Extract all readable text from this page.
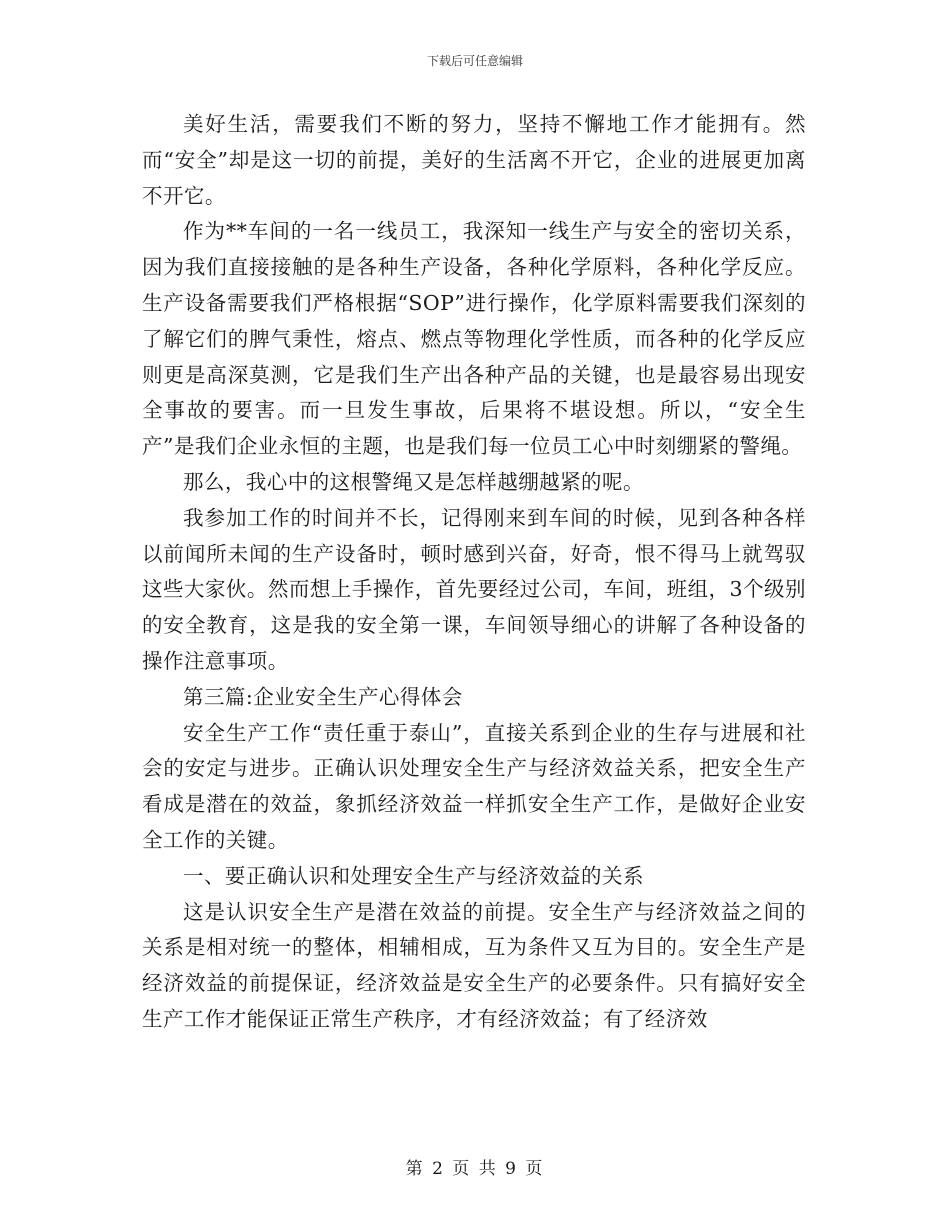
下载后可任意编辑

美好生活，需要我们不断的努力，坚持不懈地工作才能拥有。然而“安全”却是这一切的前提，美好的生活离不开它，企业的进展更加离不开它。

作为**车间的一名一线员工，我深知一线生产与安全的密切关系，因为我们直接接触的是各种生产设备，各种化学原料，各种化学反应。生产设备需要我们严格根据“SOP”进行操作，化学原料需要我们深刻的了解它们的脾气秉性，熔点、燃点等物理化学性质，而各种的化学反应则更是高深莫测，它是我们生产出各种产品的关键，也是最容易出现安全事故的要害。而一旦发生事故，后果将不堪设想。所以，“安全生产”是我们企业永恒的主题，也是我们每一位员工心中时刻绷紧的警绳。

那么，我心中的这根警绳又是怎样越绷越紧的呢。

我参加工作的时间并不长，记得刚来到车间的时候，见到各种各样以前闻所未闻的生产设备时，顿时感到兴奋，好奇，恨不得马上就驾驭这些大家伙。然而想上手操作，首先要经过公司，车间，班组，3个级别的安全教育，这是我的安全第一课，车间领导细心的讲解了各种设备的操作注意事项。

第三篇:企业安全生产心得体会

安全生产工作“责任重于泰山”，直接关系到企业的生存与进展和社会的安定与进步。正确认识处理安全生产与经济效益关系，把安全生产看成是潜在的效益，象抓经济效益一样抓安全生产工作，是做好企业安全工作的关键。

一、要正确认识和处理安全生产与经济效益的关系

这是认识安全生产是潜在效益的前提。安全生产与经济效益之间的关系是相对统一的整体，相辅相成，互为条件又互为目的。安全生产是经济效益的前提保证，经济效益是安全生产的必要条件。只有搞好安全生产工作才能保证正常生产秩序，才有经济效益；有了经济效

第 2 页 共 9 页
